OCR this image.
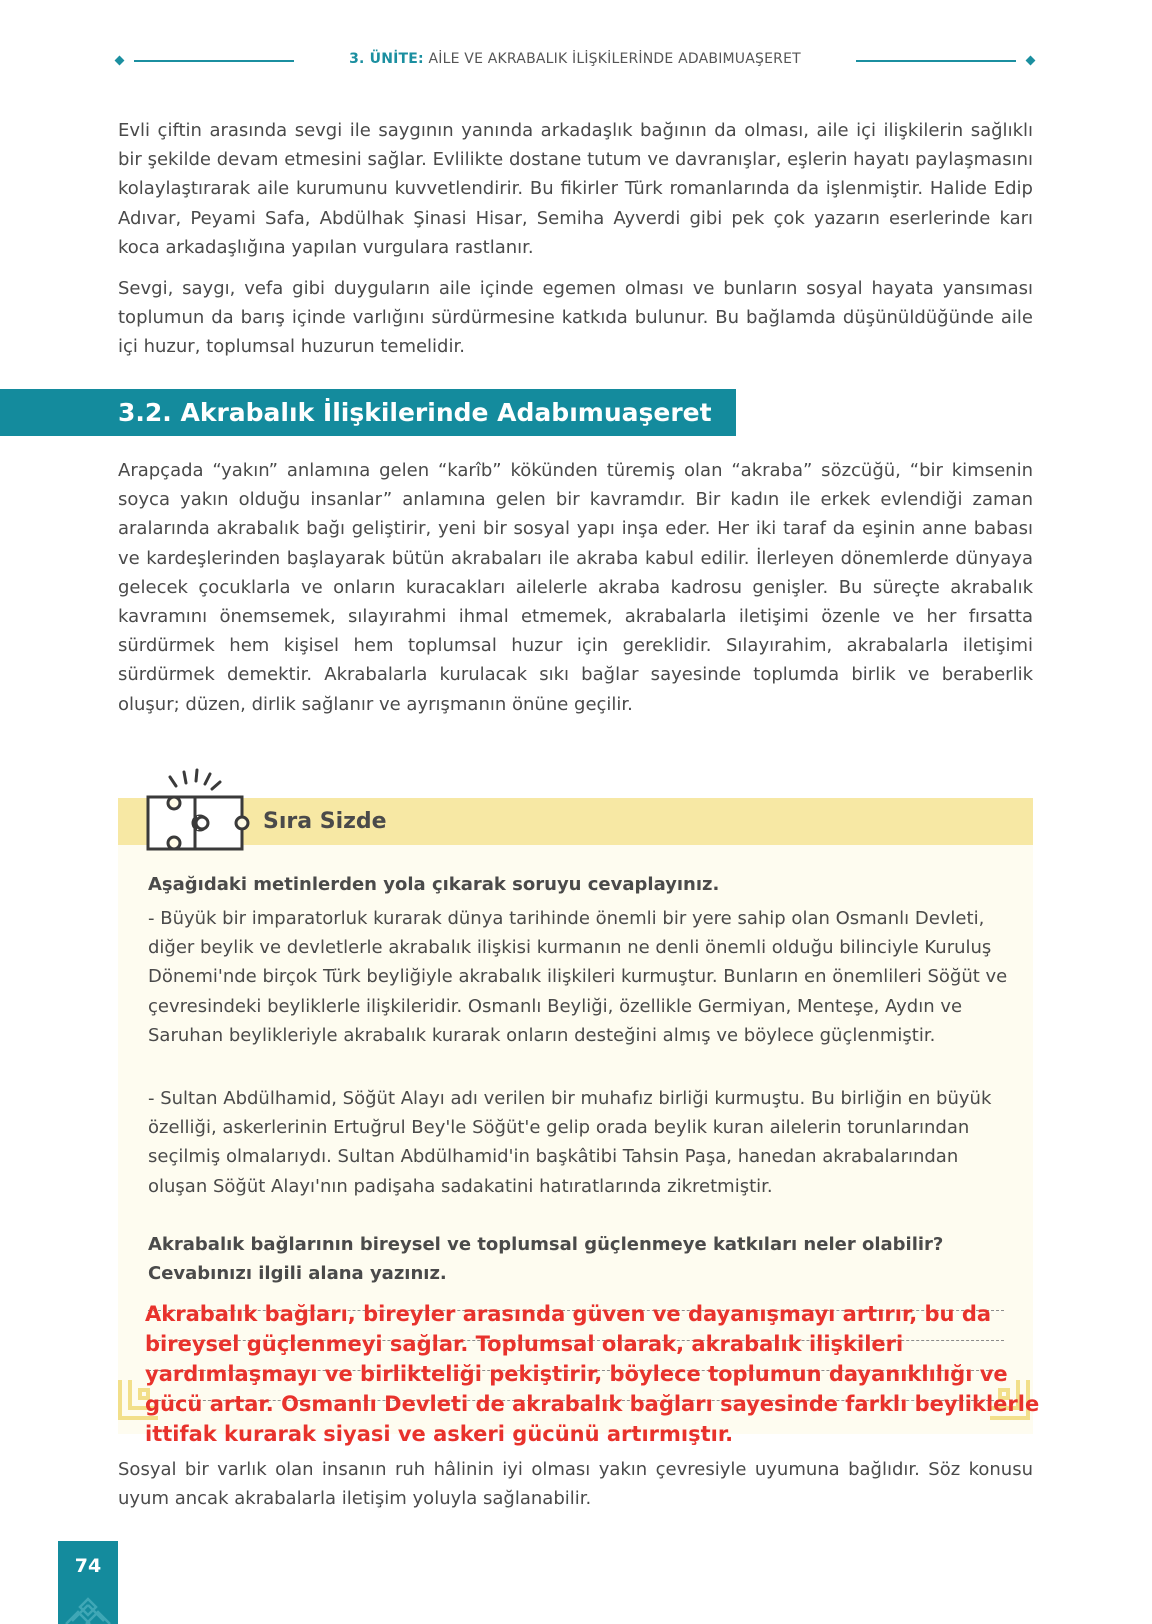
3. ÜNİTE: AİLE VE AKRABALIK İLİŞKİLERİNDE ADABIMUAŞERET

Evli çiftin arasında sevgi ile saygının yanında arkadaşlık bağının da olması, aile içi ilişkilerin sağlıklı bir şekilde devam etmesini sağlar. Evlilikte dostane tutum ve davranışlar, eşlerin hayatı paylaşmasını kolaylaştırarak aile kurumunu kuvvetlendirir. Bu fikirler Türk romanlarında da işlenmiştir. Halide Edip Adıvar, Peyami Safa, Abdülhak Şinasi Hisar, Semiha Ayverdi gibi pek çok yazarın eserlerinde karı koca arkadaşlığına yapılan vurgulara rastlanır.

Sevgi, saygı, vefa gibi duyguların aile içinde egemen olması ve bunların sosyal hayata yansıması toplumun da barış içinde varlığını sürdürmesine katkıda bulunur. Bu bağlamda düşünüldüğünde aile içi huzur, toplumsal huzurun temelidir.

3.2. Akrabalık İlişkilerinde Adabımuaşeret

Arapçada “yakın” anlamına gelen “karîb” kökünden türemiş olan “akraba” sözcüğü, “bir kimsenin soyca yakın olduğu insanlar” anlamına gelen bir kavramdır. Bir kadın ile erkek evlendiği zaman aralarında akrabalık bağı geliştirir, yeni bir sosyal yapı inşa eder. Her iki taraf da eşinin anne babası ve kardeşlerinden başlayarak bütün akrabaları ile akraba kabul edilir. İlerleyen dönemlerde dünyaya gelecek çocuklarla ve onların kuracakları ailelerle akraba kadrosu genişler. Bu süreçte akrabalık kavramını önemsemek, sılayırahmi ihmal etmemek, akrabalarla iletişimi özenle ve her fırsatta sürdürmek hem kişisel hem toplumsal huzur için gereklidir. Sılayırahim, akrabalarla iletişimi sürdürmek demektir. Akrabalarla kurulacak sıkı bağlar sayesinde toplumda birlik ve beraberlik oluşur; düzen, dirlik sağlanır ve ayrışmanın önüne geçilir.

Sıra Sizde

Aşağıdaki metinlerden yola çıkarak soruyu cevaplayınız.

- Büyük bir imparatorluk kurarak dünya tarihinde önemli bir yere sahip olan Osmanlı Devleti, diğer beylik ve devletlerle akrabalık ilişkisi kurmanın ne denli önemli olduğu bilinciyle Kuruluş Dönemi'nde birçok Türk beyliğiyle akrabalık ilişkileri kurmuştur. Bunların en önemlileri Söğüt ve çevresindeki beyliklerle ilişkileridir. Osmanlı Beyliği, özellikle Germiyan, Menteşe, Aydın ve Saruhan beylikleriyle akrabalık kurarak onların desteğini almış ve böylece güçlenmiştir.

- Sultan Abdülhamid, Söğüt Alayı adı verilen bir muhafız birliği kurmuştu. Bu birliğin en büyük özelliği, askerlerinin Ertuğrul Bey'le Söğüt'e gelip orada beylik kuran ailelerin torunlarından seçilmiş olmalarıydı. Sultan Abdülhamid'in başkâtibi Tahsin Paşa, hanedan akrabalarından oluşan Söğüt Alayı'nın padişaha sadakatini hatıratlarında zikretmiştir.

Akrabalık bağlarının bireysel ve toplumsal güçlenmeye katkıları neler olabilir? Cevabınızı ilgili alana yazınız.

Akrabalık bağları, bireyler arasında güven ve dayanışmayı artırır, bu da bireysel güçlenmeyi sağlar. Toplumsal olarak, akrabalık ilişkileri yardımlaşmayı ve birlikteliği pekiştirir, böylece toplumun dayanıklılığı ve gücü artar. Osmanlı Devleti de akrabalık bağları sayesinde farklı beyliklerle ittifak kurarak siyasi ve askeri gücünü artırmıştır.

Sosyal bir varlık olan insanın ruh hâlinin iyi olması yakın çevresiyle uyumuna bağlıdır. Söz konusu uyum ancak akrabalarla iletişim yoluyla sağlanabilir.

74
